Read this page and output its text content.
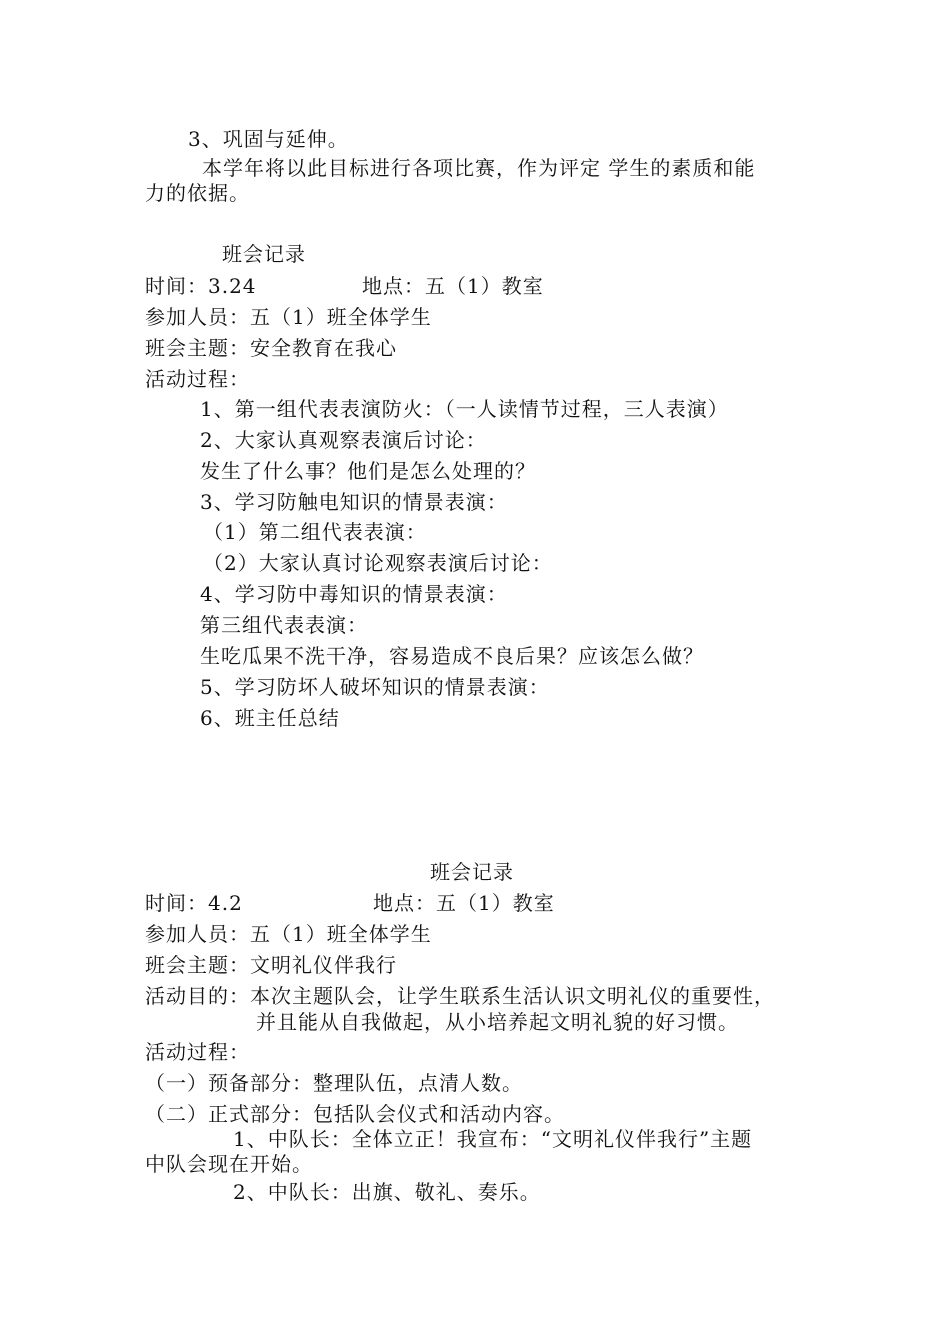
3、巩固与延伸。
本学年将以此目标进行各项比赛，作为评定 学生的素质和能
力的依据。
班会记录
时间：3.24	地点：五（1）教室
参加人员：五（1）班全体学生
班会主题：安全教育在我心
活动过程：
1、第一组代表表演防火：（一人读情节过程，三人表演）
2、大家认真观察表演后讨论：
发生了什么事？他们是怎么处理的？
3、学习防触电知识的情景表演：
（1）第二组代表表演：
（2）大家认真讨论观察表演后讨论：
4、学习防中毒知识的情景表演：
第三组代表表演：
生吃瓜果不洗干净，容易造成不良后果？应该怎么做？
5、学习防坏人破坏知识的情景表演：
6、班主任总结
班会记录
时间：4.2	地点：五（1）教室
参加人员：五（1）班全体学生
班会主题：文明礼仪伴我行
活动目的：本次主题队会，让学生联系生活认识文明礼仪的重要性，
并且能从自我做起，从小培养起文明礼貌的好习惯。
活动过程：
（一）预备部分：整理队伍，点清人数。
（二）正式部分：包括队会仪式和活动内容。
1、中队长：全体立正！我宣布：“文明礼仪伴我行”主题
中队会现在开始。
2、中队长：出旗、敬礼、奏乐。
